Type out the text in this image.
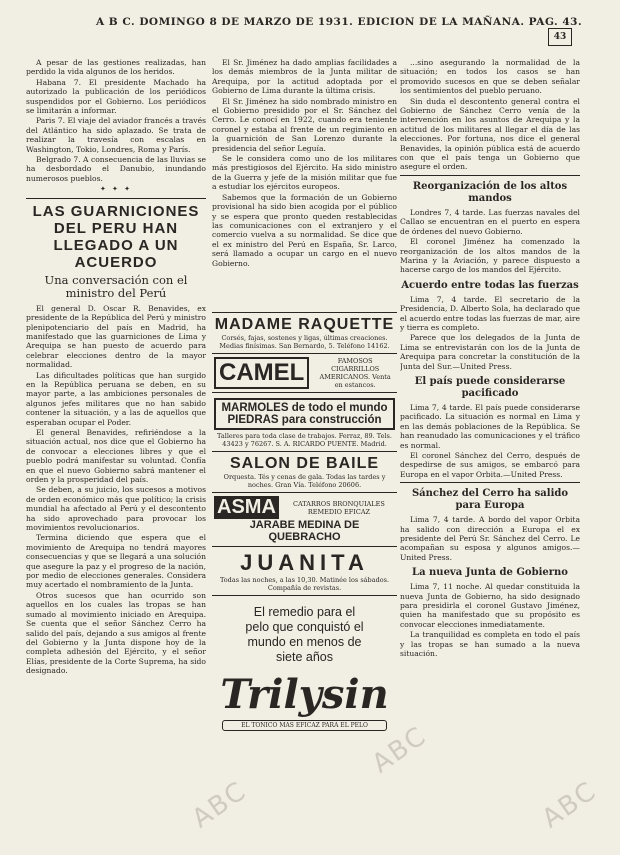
A B C. DOMINGO 8 DE MARZO DE 1931. EDICION DE LA MAÑANA. PAG. 43.
43

A pesar de las gestiones realizadas, han perdido la vida algunos de los heridos.

Habana 7. El presidente Machado ha autorizado la publicación de los periódicos suspendidos por el Gobierno. Los periódicos se limitarán a informar.

Paris 7. El viaje del aviador francés a través del Atlántico ha sido aplazado. Se trata de realizar la travesía con escalas en Washington, Tokio, Londres, Roma y París.

Belgrado 7. A consecuencia de las lluvias se ha desbordado el Danubio, inundando numerosos pueblos.

✦ ✦ ✦
LAS GUARNICIONES DEL PERU HAN LLEGADO A UN ACUERDO
Una conversación con el ministro del Perú

El general D. Oscar R. Benavides, ex presidente de la República del Perú y ministro plenipotenciario del país en Madrid, ha manifestado que las guarniciones de Lima y Arequipa se han puesto de acuerdo para celebrar elecciones dentro de la mayor normalidad.

Las dificultades políticas que han surgido en la República peruana se deben, en su mayor parte, a las ambiciones personales de algunos jefes militares que no han sabido contener la situación, y a las de aquellos que esperaban ocupar el Poder.

El general Benavides, refiriéndose a la situación actual, nos dice que el Gobierno ha de convocar a elecciones libres y que el pueblo podrá manifestar su voluntad. Confía en que el nuevo Gobierno sabrá mantener el orden y la prosperidad del país.

Se deben, a su juicio, los sucesos a motivos de orden económico más que político; la crisis mundial ha afectado al Perú y el descontento ha sido aprovechado para provocar los movimientos revolucionarios.

Termina diciendo que espera que el movimiento de Arequipa no tendrá mayores consecuencias y que se llegará a una solución que asegure la paz y el progreso de la nación, por medio de elecciones generales. Considera muy acertado el nombramiento de la Junta.

Otros sucesos que han ocurrido son aquellos en los cuales las tropas se han sumado al movimiento iniciado en Arequipa. Se cuenta que el señor Sánchez Cerro ha salido del país, dejando a sus amigos al frente del Gobierno y la Junta dispone hoy de la completa adhesión del Ejército, y el señor Elías, presidente de la Corte Suprema, ha sido designado.

El Sr. Jiménez ha dado amplias facilidades a los demás miembros de la Junta militar de Arequipa, por la actitud adoptada por el Gobierno de Lima durante la última crisis.

El Sr. Jiménez ha sido nombrado ministro en el Gobierno presidido por el Sr. Sánchez del Cerro. Le conocí en 1922, cuando era teniente coronel y estaba al frente de un regimiento en la guarnición de San Lorenzo durante la presidencia del señor Leguía.

Se le considera como uno de los militares más prestigiosos del Ejército. Ha sido ministro de la Guerra y jefe de la misión militar que fue a estudiar los ejércitos europeos.

Sabemos que la formación de un Gobierno provisional ha sido bien acogida por el público y se espera que pronto queden restablecidas las comunicaciones con el extranjero y el comercio vuelva a su normalidad. Se dice que el ex ministro del Perú en España, Sr. Larco, será llamado a ocupar un cargo en el nuevo Gobierno.

MADAME RAQUETTE
Corsés, fajas, sostenes y ligas, últimas creaciones. Medias finísimas. San Bernardo, 5. Teléfono 14162.
CAMEL	FAMOSOS CIGARRILLOS AMERICANOS. Venta en estancos.
MARMOLES de todo el mundo
PIEDRAS para construcción
Talleres para toda clase de trabajos. Ferraz, 89. Tels. 43423 y 76267. S. A. RICARDO PUENTE. Madrid.
SALON DE BAILE
Orquesta. Tés y cenas de gala. Todas las tardes y noches. Gran Vía. Teléfono 20606.
ASMA	CATARROS BRONQUIALES
REMEDIO EFICAZ
JARABE MEDINA DE QUEBRACHO
JUANITA
Todas las noches, a las 10,30. Matinée los sábados. Compañía de revistas.
El remedio para el
pelo que conquistó el
mundo en menos de
siete años
Trilysin
EL TONICO MAS EFICAZ PARA EL PELO

...sino asegurando la normalidad de la situación; en todos los casos se han promovido sucesos en que se deben señalar los sentimientos del pueblo peruano.

Sin duda el descontento general contra el Gobierno de Sánchez Cerro venía de la intervención en los asuntos de Arequipa y la actitud de los militares al llegar el día de las elecciones. Por fortuna, nos dice el general Benavides, la opinión pública está de acuerdo con que el país tenga un Gobierno que asegure el orden.

Reorganización de los altos mandos

Londres 7, 4 tarde. Las fuerzas navales del Callao se encuentran en el puerto en espera de órdenes del nuevo Gobierno.

El coronel Jiménez ha comenzado la reorganización de los altos mandos de la Marina y la Aviación, y parece dispuesto a hacerse cargo de los mandos del Ejército.

Acuerdo entre todas las fuerzas

Lima 7, 4 tarde. El secretario de la Presidencia, D. Alberto Sola, ha declarado que el acuerdo entre todas las fuerzas de mar, aire y tierra es completo.

Parece que los delegados de la Junta de Lima se entrevistarán con los de la Junta de Arequipa para concretar la constitución de la Junta del Sur.—United Press.

El país puede considerarse pacificado

Lima 7, 4 tarde. El país puede considerarse pacificado. La situación es normal en Lima y en las demás poblaciones de la República. Se han reanudado las comunicaciones y el tráfico es normal.

El coronel Sánchez del Cerro, después de despedirse de sus amigos, se embarcó para Europa en el vapor Orbita.—United Press.

Sánchez del Cerro ha salido para Europa

Lima 7, 4 tarde. A bordo del vapor Orbita ha salido con dirección a Europa el ex presidente del Perú Sr. Sánchez del Cerro. Le acompañan su esposa y algunos amigos.—United Press.

La nueva Junta de Gobierno

Lima 7, 11 noche. Al quedar constituida la nueva Junta de Gobierno, ha sido designado para presidirla el coronel Gustavo Jiménez, quien ha manifestado que su propósito es convocar elecciones inmediatamente.

La tranquilidad es completa en todo el país y las tropas se han sumado a la nueva situación.

ABC
ABC
ABC
